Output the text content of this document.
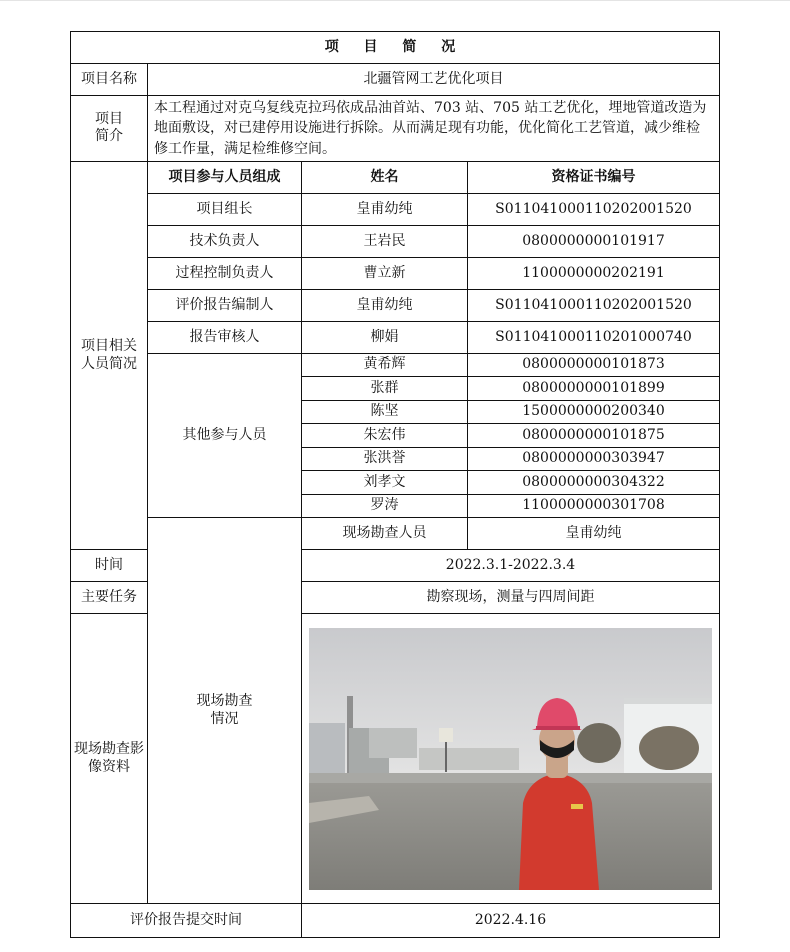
项 目 简 况			
项目名称	北疆管网工艺优化项目		

项目
简介	本工程通过对克乌复线克拉玛依成品油首站、703 站、705 站工艺优化，埋地管道改造为地面敷设，对已建停用设施进行拆除。从而满足现有功能，优化简化工艺管道，减少维检修工作量，满足检维修空间。		

项目相关
人员简况	项目参与人员组成	姓名	资格证书编号
	项目组长	皇甫幼纯	S011041000110202001520
	技术负责人	王岩民	0800000000101917
	过程控制负责人	曹立新	1100000000202191
	评价报告编制人	皇甫幼纯	S011041000110202001520
	报告审核人	柳娟	S011041000110201000740
	其他参与人员	黄希辉	0800000000101873
		张群	0800000000101899
		陈坚	1500000000200340
		朱宏伟	0800000000101875
		张洪誉	0800000000303947
		刘孝文	0800000000304322
		罗涛	1100000000301708

	现场勘查
情况	现场勘查人员	皇甫幼纯
时间		2022.3.1-2022.3.4	
主要任务		勘察现场，测量与四周间距	
现场勘查影像资料	

评价报告提交时间		2022.4.16	
